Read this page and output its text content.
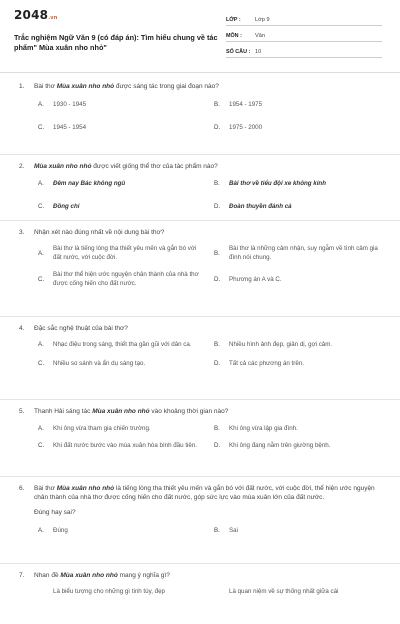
2048.vn
Trắc nghiệm Ngữ Văn 9 (có đáp án): Tìm hiểu chung về tác phẩm" Mùa xuân nho nhỏ"
LỚP :	Lớp 9
MÔN :	Văn
SỐ CÂU : 10
1.	Bài thơ Mùa xuân nho nhỏ được sáng tác trong giai đoạn nào?
A.	1930 - 1945	B.	1954 - 1975
C.	1945 - 1954	D.	1975 - 2000
2.	Mùa xuân nho nhỏ được viết giống thể thơ của tác phẩm nào?
A.	Đêm nay Bác không ngủ	B.	Bài thơ về tiểu đội xe không kính
C.	Đồng chí	D.	Đoàn thuyền đánh cá
3.	Nhận xét nào đúng nhất về nội dung bài thơ?
A.
Bài thơ là tiếng lòng tha thiết yêu mến và gắn bó với đất nước, với cuộc đời.
B.
Bài thơ là những cảm nhận, suy ngẫm về tình cảm gia đình nói chung.
C.
Bài thơ thể hiện ước nguyện chân thành của nhà thơ được cống hiến cho đất nước.
D.	Phương án A và C.
4.	Đặc sắc nghệ thuật của bài thơ?
A.	Nhạc điệu trong sáng, thiết tha gần gũi với dân ca.	B.	Nhiều hình ảnh đẹp, giản dị, gợi cảm.
C.	Nhiều so sánh và ẩn dụ sáng tạo.	D.	Tất cả các phương án trên.
5.	Thanh Hải sáng tác Mùa xuân nho nhỏ vào khoảng thời gian nào?
A.	Khi ông vừa tham gia chiến trường.	B.	Khi ông vừa lập gia đình.
C.	Khi đất nước bước vào mùa xuân hòa bình đầu tiên.	D.	Khi ông đang nằm trên giường bệnh.
6.	Bài thơ Mùa xuân nho nhỏ là tiếng lòng tha thiết yêu mến và gắn bó với đất nước, với cuộc đời, thể hiện ước nguyện chân thành của nhà thơ được cống hiến cho đất nước, góp sức lực vào mùa xuân lớn của đất nước.
Đúng hay sai?
A.	Đúng	B.	Sai
7.	Nhan đề Mùa xuân nho nhỏ mang ý nghĩa gì?
Là biểu tượng cho những gì tinh túy, đẹp	Là quan niệm về sự thống nhất giữa cái
